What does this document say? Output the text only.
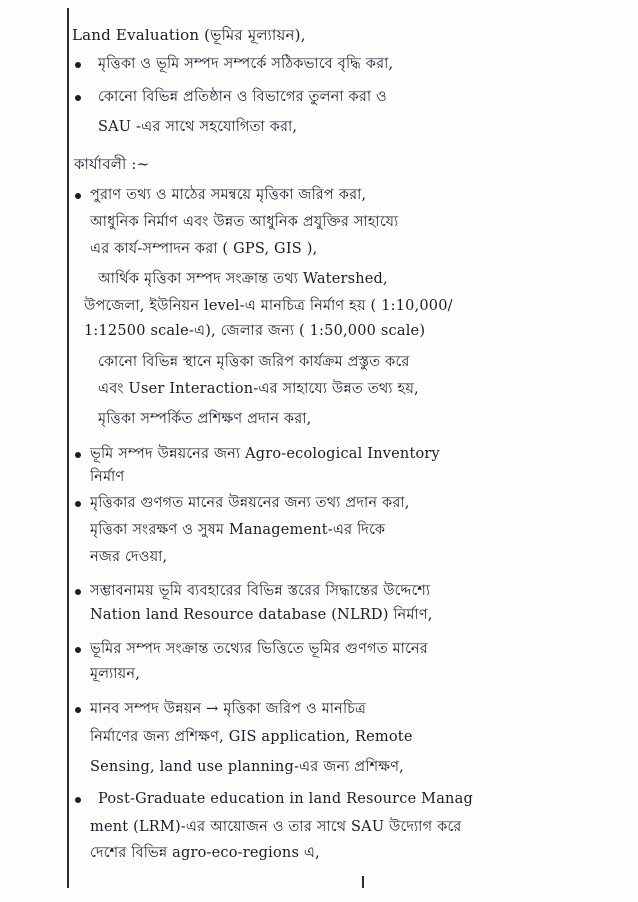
Land Evaluation (ভূমির মূল্যায়ন),
মৃত্তিকা ও ভূমি সম্পদ সম্পর্কে সঠিকভাবে বৃদ্ধি করা,
কোনো বিভিন্ন প্রতিষ্ঠান ও বিভাগের তুলনা করা ও
SAU -এর সাথে সহযোগিতা করা,
কার্যাবলী :~
পুরাণ তথ্য ও মাঠের সমন্বয়ে মৃত্তিকা জরিপ করা,
আধুনিক নির্মাণ এবং উন্নত আধুনিক প্রযুক্তির সাহায্যে
এর কার্য-সম্পাদন করা ( GPS, GIS ),
আর্থিক মৃত্তিকা সম্পদ সংক্রান্ত তথ্য Watershed,
উপজেলা, ইউনিয়ন level-এ মানচিত্র নির্মাণ হয় ( 1:10,000/
1:12500 scale-এ), জেলার জন্য ( 1:50,000 scale)
কোনো বিভিন্ন স্থানে মৃত্তিকা জরিপ কার্যক্রম প্রস্তুত করে
এবং User Interaction-এর সাহায্যে উন্নত তথ্য হয়,
মৃত্তিকা সম্পর্কিত প্রশিক্ষণ প্রদান করা,
ভূমি সম্পদ উন্নয়নের জন্য Agro-ecological Inventory
নির্মাণ
মৃত্তিকার গুণগত মানের উন্নয়নের জন্য তথ্য প্রদান করা,
মৃত্তিকা সংরক্ষণ ও সুষম Management-এর দিকে
নজর দেওয়া,
সম্ভাবনাময় ভূমি ব্যবহারের বিভিন্ন স্তরের সিদ্ধান্তের উদ্দেশ্যে
Nation land Resource database (NLRD) নির্মাণ,
ভূমির সম্পদ সংক্রান্ত তথ্যের ভিত্তিতে ভূমির গুণগত মানের
মূল্যায়ন,
মানব সম্পদ উন্নয়ন → মৃত্তিকা জরিপ ও মানচিত্র
নির্মাণের জন্য প্রশিক্ষণ, GIS application, Remote
Sensing, land use planning-এর জন্য প্রশিক্ষণ,
Post-Graduate education in land Resource Manag
ment (LRM)-এর আয়োজন ও তার সাথে SAU উদ্যোগ করে
দেশের বিভিন্ন agro-eco-regions এ,
